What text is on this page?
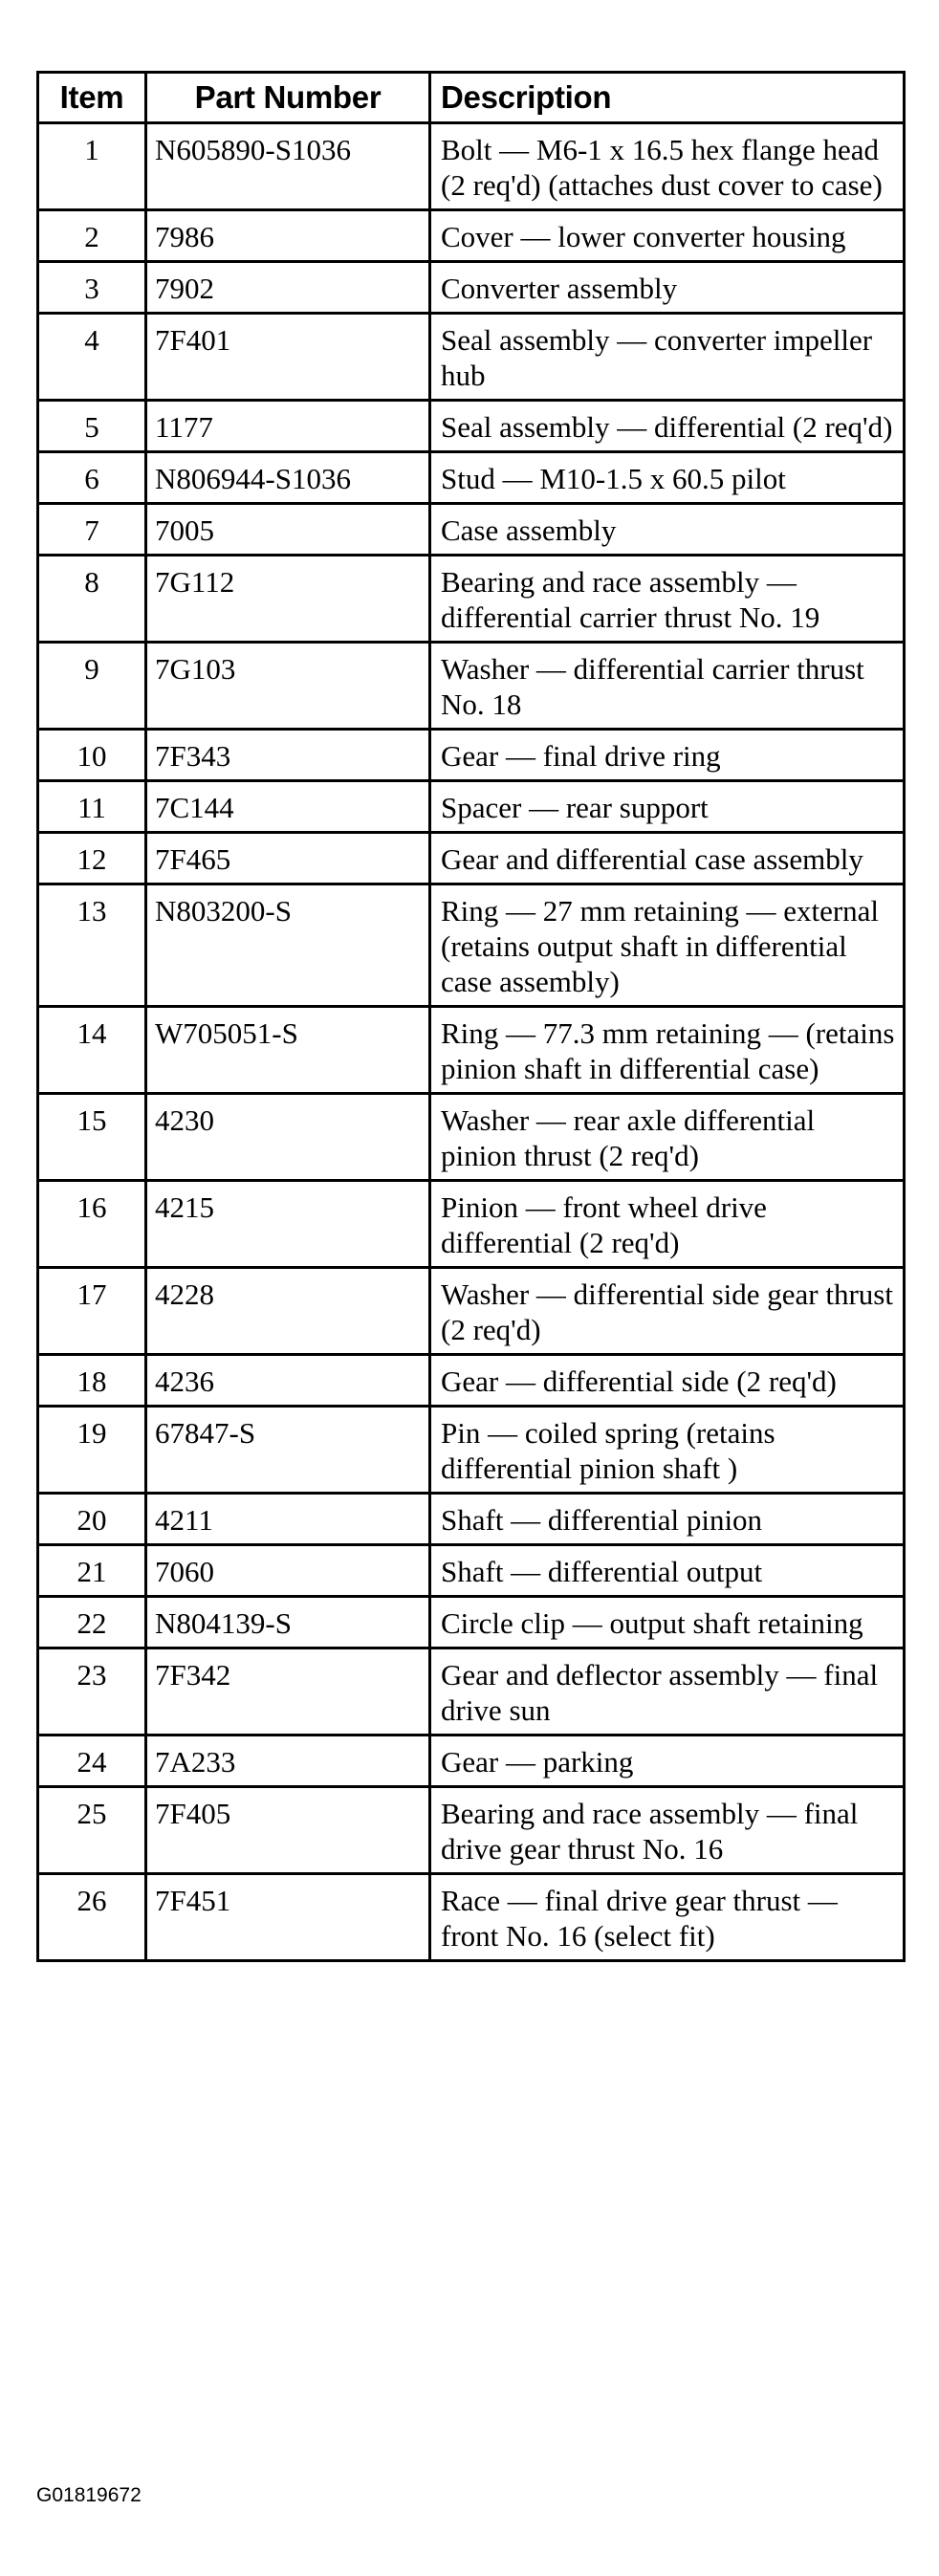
Item	Part Number	Description
1	N605890-S1036	Bolt — M6-1 x 16.5 hex flange head (2 req'd) (attaches dust cover to case)
2	7986	Cover — lower converter housing
3	7902	Converter assembly
4	7F401	Seal assembly — converter impeller hub
5	1177	Seal assembly — differential (2 req'd)
6	N806944-S1036	Stud — M10-1.5 x 60.5 pilot
7	7005	Case assembly
8	7G112	Bearing and race assembly — differential carrier thrust No. 19
9	7G103	Washer — differential carrier thrust No. 18
10	7F343	Gear — final drive ring
11	7C144	Spacer — rear support
12	7F465	Gear and differential case assembly
13	N803200-S	Ring — 27 mm retaining — external (retains output shaft in differential case assembly)
14	W705051-S	Ring — 77.3 mm retaining — (retains pinion shaft in differential case)
15	4230	Washer — rear axle differential pinion thrust (2 req'd)
16	4215	Pinion — front wheel drive differential (2 req'd)
17	4228	Washer — differential side gear thrust (2 req'd)
18	4236	Gear — differential side (2 req'd)
19	67847-S	Pin — coiled spring (retains differential pinion shaft )
20	4211	Shaft — differential pinion
21	7060	Shaft — differential output
22	N804139-S	Circle clip — output shaft retaining
23	7F342	Gear and deflector assembly — final drive sun
24	7A233	Gear — parking
25	7F405	Bearing and race assembly — final drive gear thrust No. 16
26	7F451	Race — final drive gear thrust — front No. 16 (select fit)
G01819672
